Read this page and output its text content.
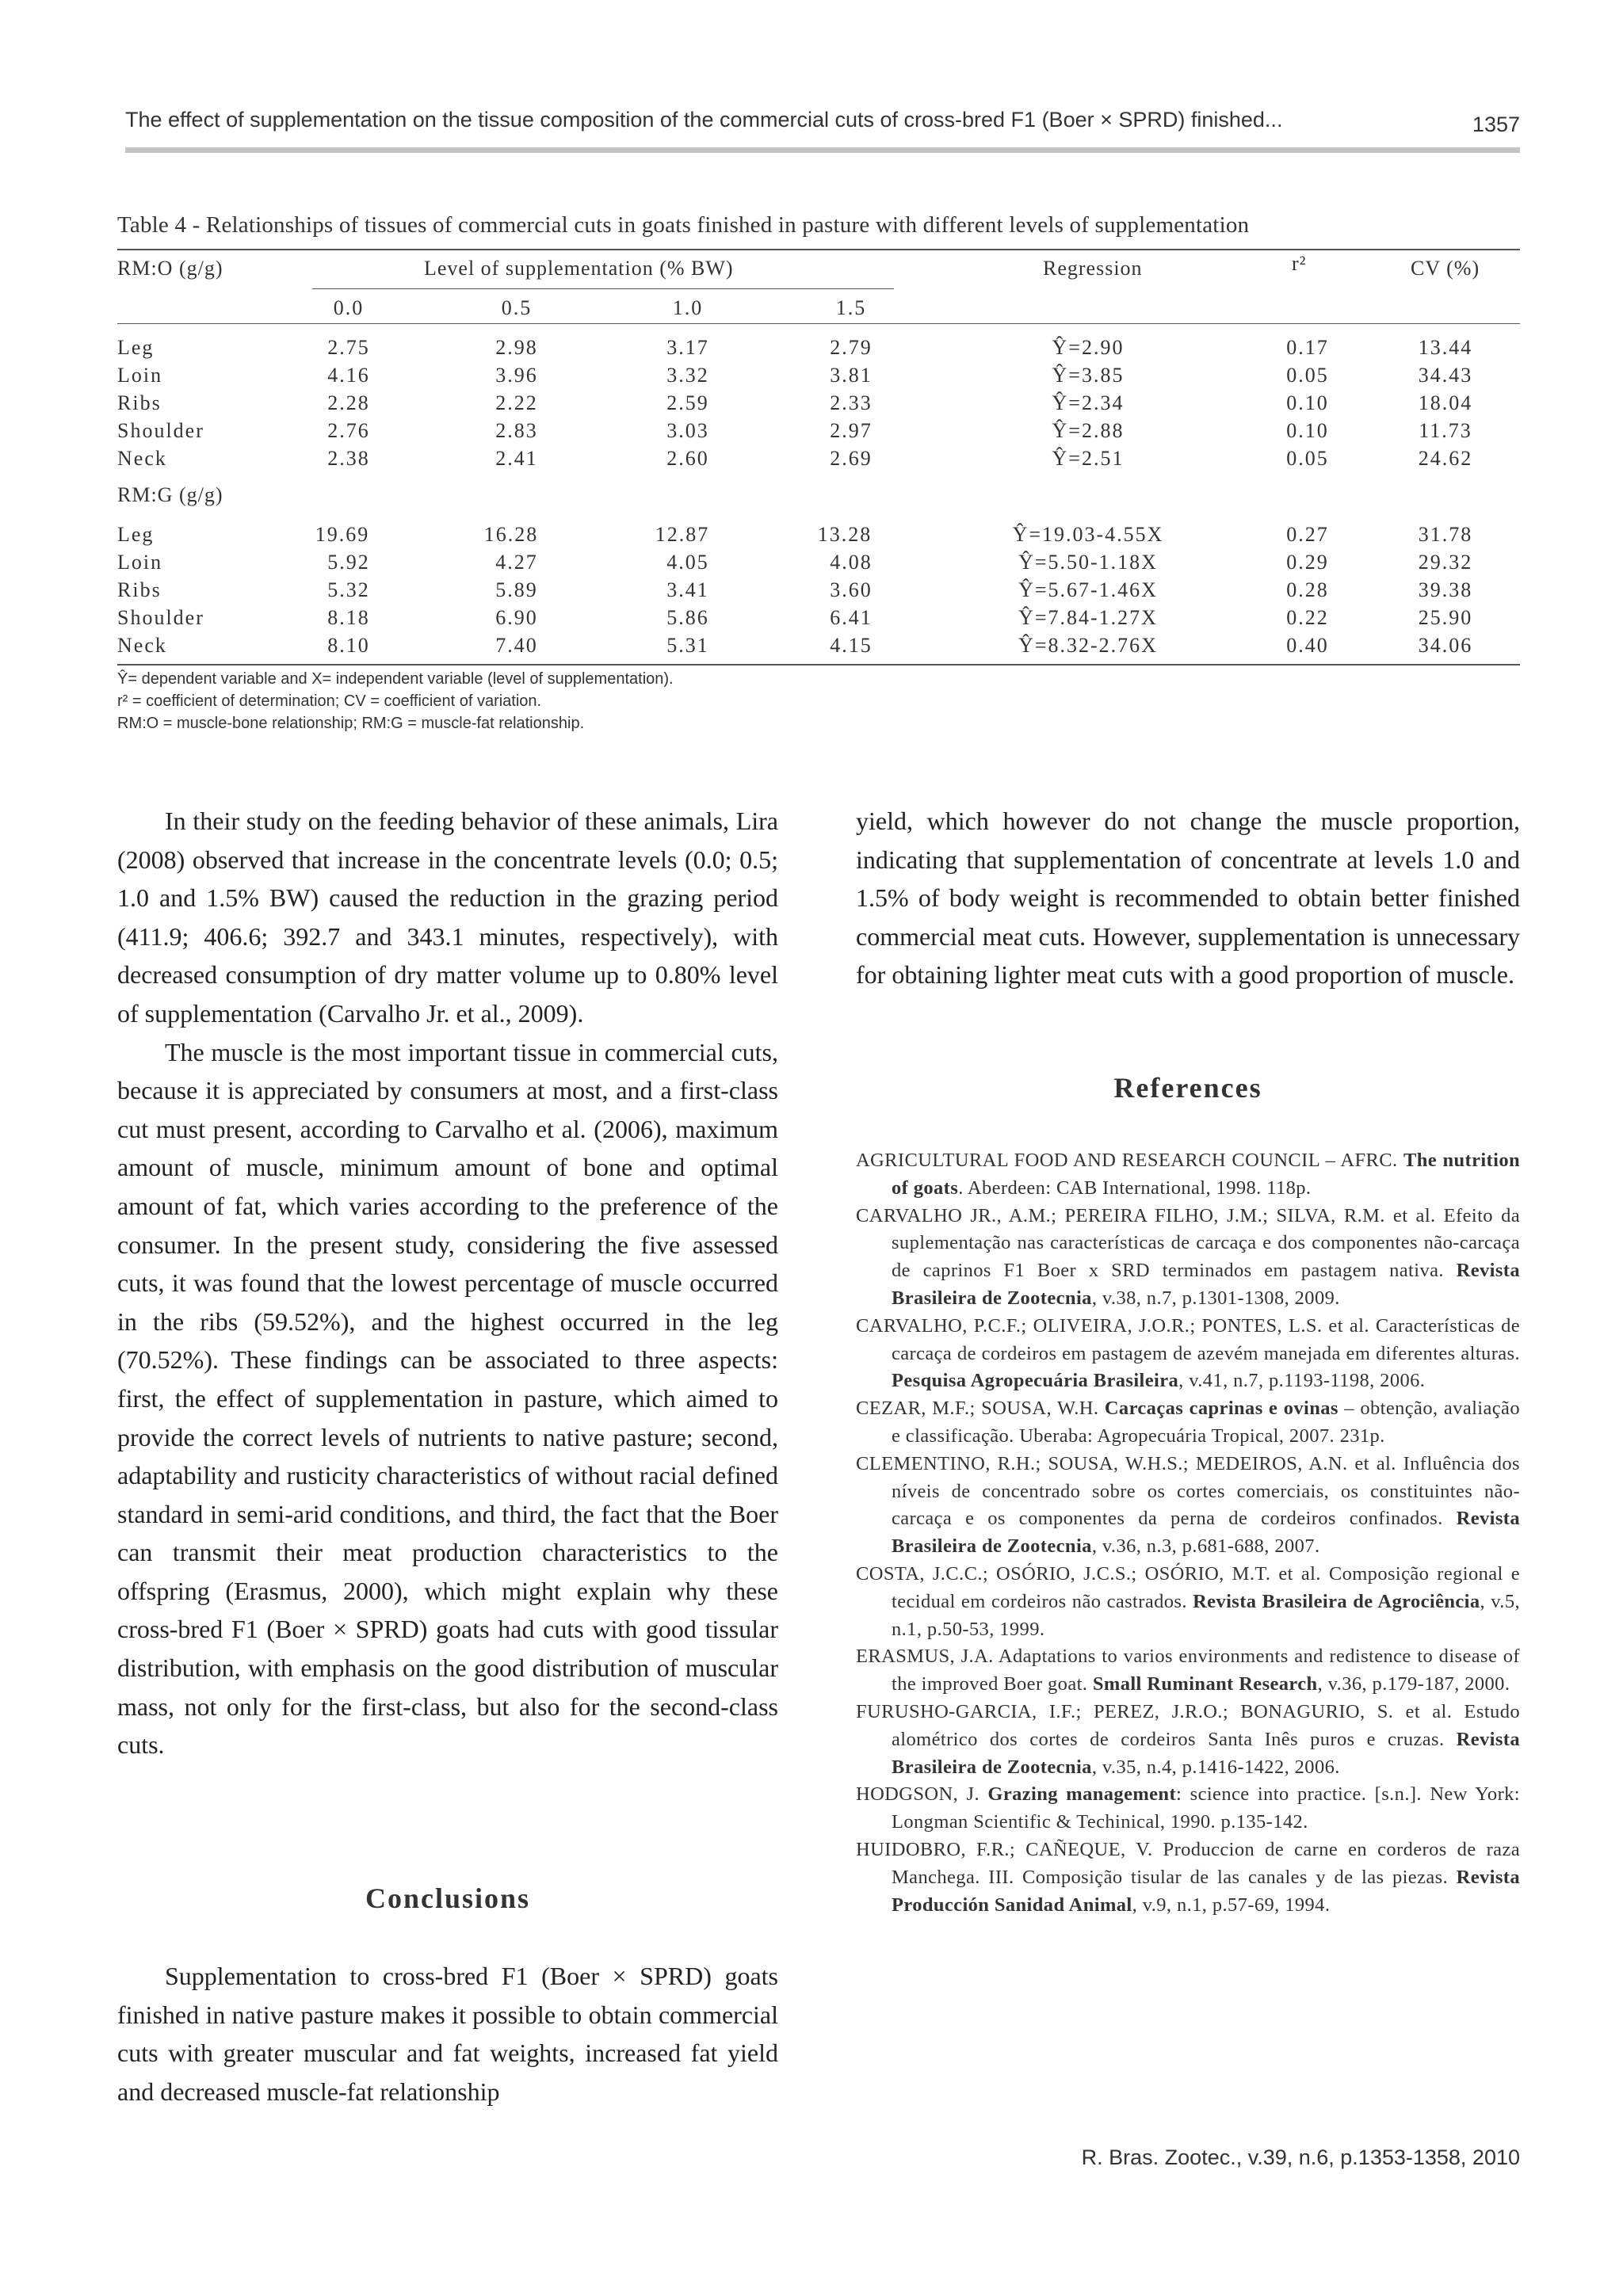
The effect of supplementation on the tissue composition of the commercial cuts of cross-bred F1 (Boer × SPRD) finished...	1357
Table 4 - Relationships of tissues of commercial cuts in goats finished in pasture with different levels of supplementation
RM:O (g/g)	Level of supplementation (% BW)	Regression	r²	CV (%)
0.0	0.5	1.0	1.5
Leg	2.75	2.98	3.17	2.79	Ŷ=2.90	0.17	13.44
Loin	4.16	3.96	3.32	3.81	Ŷ=3.85	0.05	34.43
Ribs	2.28	2.22	2.59	2.33	Ŷ=2.34	0.10	18.04
Shoulder	2.76	2.83	3.03	2.97	Ŷ=2.88	0.10	11.73
Neck	2.38	2.41	2.60	2.69	Ŷ=2.51	0.05	24.62
RM:G (g/g)
Leg	19.69	16.28	12.87	13.28	Ŷ=19.03-4.55X	0.27	31.78
Loin	5.92	4.27	4.05	4.08	Ŷ=5.50-1.18X	0.29	29.32
Ribs	5.32	5.89	3.41	3.60	Ŷ=5.67-1.46X	0.28	39.38
Shoulder	8.18	6.90	5.86	6.41	Ŷ=7.84-1.27X	0.22	25.90
Neck	8.10	7.40	5.31	4.15	Ŷ=8.32-2.76X	0.40	34.06
Ŷ= dependent variable and X= independent variable (level of supplementation).
r² = coefficient of determination; CV = coefficient of variation.
RM:O = muscle-bone relationship; RM:G = muscle-fat relationship.

In their study on the feeding behavior of these animals, Lira (2008) observed that increase in the concentrate levels (0.0; 0.5; 1.0 and 1.5% BW) caused the reduction in the grazing period (411.9; 406.6; 392.7 and 343.1 minutes, respectively), with decreased consumption of dry matter volume up to 0.80% level of supplementation (Carvalho Jr. et al., 2009).

The muscle is the most important tissue in commercial cuts, because it is appreciated by consumers at most, and a first-class cut must present, according to Carvalho et al. (2006), maximum amount of muscle, minimum amount of bone and optimal amount of fat, which varies according to the preference of the consumer. In the present study, considering the five assessed cuts, it was found that the lowest percentage of muscle occurred in the ribs (59.52%), and the highest occurred in the leg (70.52%). These findings can be associated to three aspects: first, the effect of supplementation in pasture, which aimed to provide the correct levels of nutrients to native pasture; second, adaptability and rusticity characteristics of without racial defined standard in semi-arid conditions, and third, the fact that the Boer can transmit their meat production characteristics to the offspring (Erasmus, 2000), which might explain why these cross-bred F1 (Boer × SPRD) goats had cuts with good tissular distribution, with emphasis on the good distribution of muscular mass, not only for the first-class, but also for the second-class cuts.

Conclusions

Supplementation to cross-bred F1 (Boer × SPRD) goats finished in native pasture makes it possible to obtain commercial cuts with greater muscular and fat weights, increased fat yield and decreased muscle-fat relationship

yield, which however do not change the muscle proportion, indicating that supplementation of concentrate at levels 1.0 and 1.5% of body weight is recommended to obtain better finished commercial meat cuts. However, supplementation is unnecessary for obtaining lighter meat cuts with a good proportion of muscle.

References
AGRICULTURAL FOOD AND RESEARCH COUNCIL – AFRC. The nutrition of goats. Aberdeen: CAB International, 1998. 118p.
CARVALHO JR., A.M.; PEREIRA FILHO, J.M.; SILVA, R.M. et al. Efeito da suplementação nas características de carcaça e dos componentes não-carcaça de caprinos F1 Boer x SRD terminados em pastagem nativa. Revista Brasileira de Zootecnia, v.38, n.7, p.1301-1308, 2009.
CARVALHO, P.C.F.; OLIVEIRA, J.O.R.; PONTES, L.S. et al. Características de carcaça de cordeiros em pastagem de azevém manejada em diferentes alturas. Pesquisa Agropecuária Brasileira, v.41, n.7, p.1193-1198, 2006.
CEZAR, M.F.; SOUSA, W.H. Carcaças caprinas e ovinas – obtenção, avaliação e classificação. Uberaba: Agropecuária Tropical, 2007. 231p.
CLEMENTINO, R.H.; SOUSA, W.H.S.; MEDEIROS, A.N. et al. Influência dos níveis de concentrado sobre os cortes comerciais, os constituintes não-carcaça e os componentes da perna de cordeiros confinados. Revista Brasileira de Zootecnia, v.36, n.3, p.681-688, 2007.
COSTA, J.C.C.; OSÓRIO, J.C.S.; OSÓRIO, M.T. et al. Composição regional e tecidual em cordeiros não castrados. Revista Brasileira de Agrociência, v.5, n.1, p.50-53, 1999.
ERASMUS, J.A. Adaptations to varios environments and redistence to disease of the improved Boer goat. Small Ruminant Research, v.36, p.179-187, 2000.
FURUSHO-GARCIA, I.F.; PEREZ, J.R.O.; BONAGURIO, S. et al. Estudo alométrico dos cortes de cordeiros Santa Inês puros e cruzas. Revista Brasileira de Zootecnia, v.35, n.4, p.1416-1422, 2006.
HODGSON, J. Grazing management: science into practice. [s.n.]. New York: Longman Scientific & Techinical, 1990. p.135-142.
HUIDOBRO, F.R.; CAÑEQUE, V. Produccion de carne en corderos de raza Manchega. III. Composição tisular de las canales y de las piezas. Revista Producción Sanidad Animal, v.9, n.1, p.57-69, 1994.
R. Bras. Zootec., v.39, n.6, p.1353-1358, 2010
